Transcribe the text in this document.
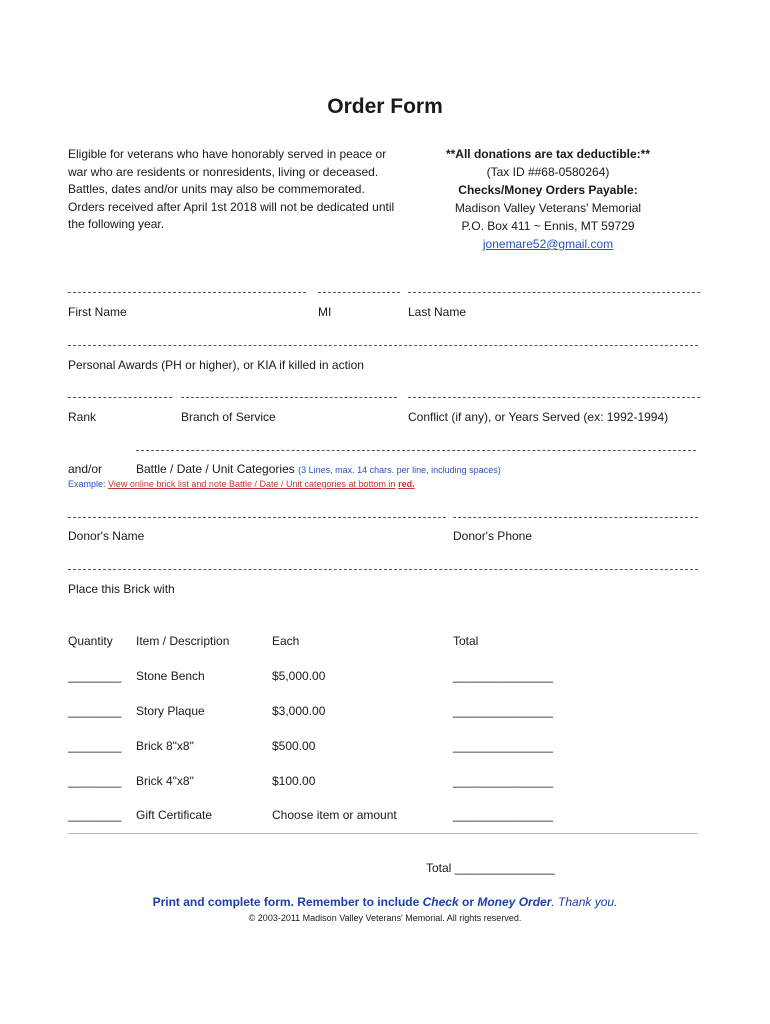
Order Form
Eligible for veterans who have honorably served in peace or war who are residents or nonresidents, living or deceased. Battles, dates and/or units may also be commemorated. Orders received after April 1st 2018 will not be dedicated until the following year.
**All donations are tax deductible:**
(Tax ID ##68-0580264)
Checks/Money Orders Payable:
Madison Valley Veterans' Memorial
P.O. Box 411 ~ Ennis, MT 59729
jonemare52@gmail.com
First Name	MI	Last Name
Personal Awards (PH or higher), or KIA if killed in action
Rank	Branch of Service	Conflict (if any), or Years Served (ex: 1992-1994)
and/or	Battle / Date / Unit Categories (3 Lines, max. 14 chars. per line, including spaces)
Example: View online brick list and note Battle / Date / Unit categories at bottom in red.
Donor's Name	Donor's Phone
Place this Brick with
Quantity Item / Description	Each	Total
________ Stone Bench	$5,000.00	_______________
________ Story Plaque	$3,000.00	_______________
________ Brick 8"x8"	$500.00	_______________
________ Brick 4"x8"	$100.00	_______________
________ Gift Certificate	Choose item or amount	_______________
Total _______________
Print and complete form. Remember to include Check or Money Order. Thank you.
© 2003-2011 Madison Valley Veterans' Memorial. All rights reserved.
